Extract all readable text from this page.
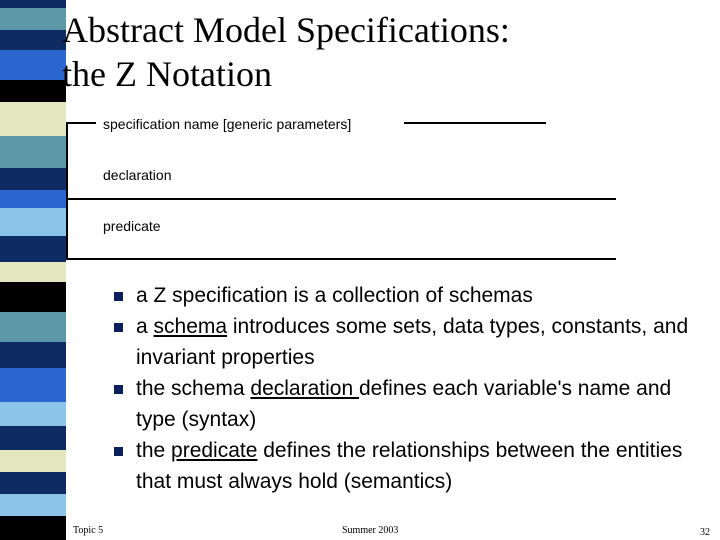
Abstract Model Specifications:
the Z Notation
specification name [generic parameters]
declaration
predicate
a Z specification is a collection of schemas
a schema introduces some sets, data types, constants, and invariant properties
the schema declaration defines each variable's name and type (syntax)
the predicate defines the relationships between the entities that must always hold (semantics)
Topic 5	Summer 2003	32
